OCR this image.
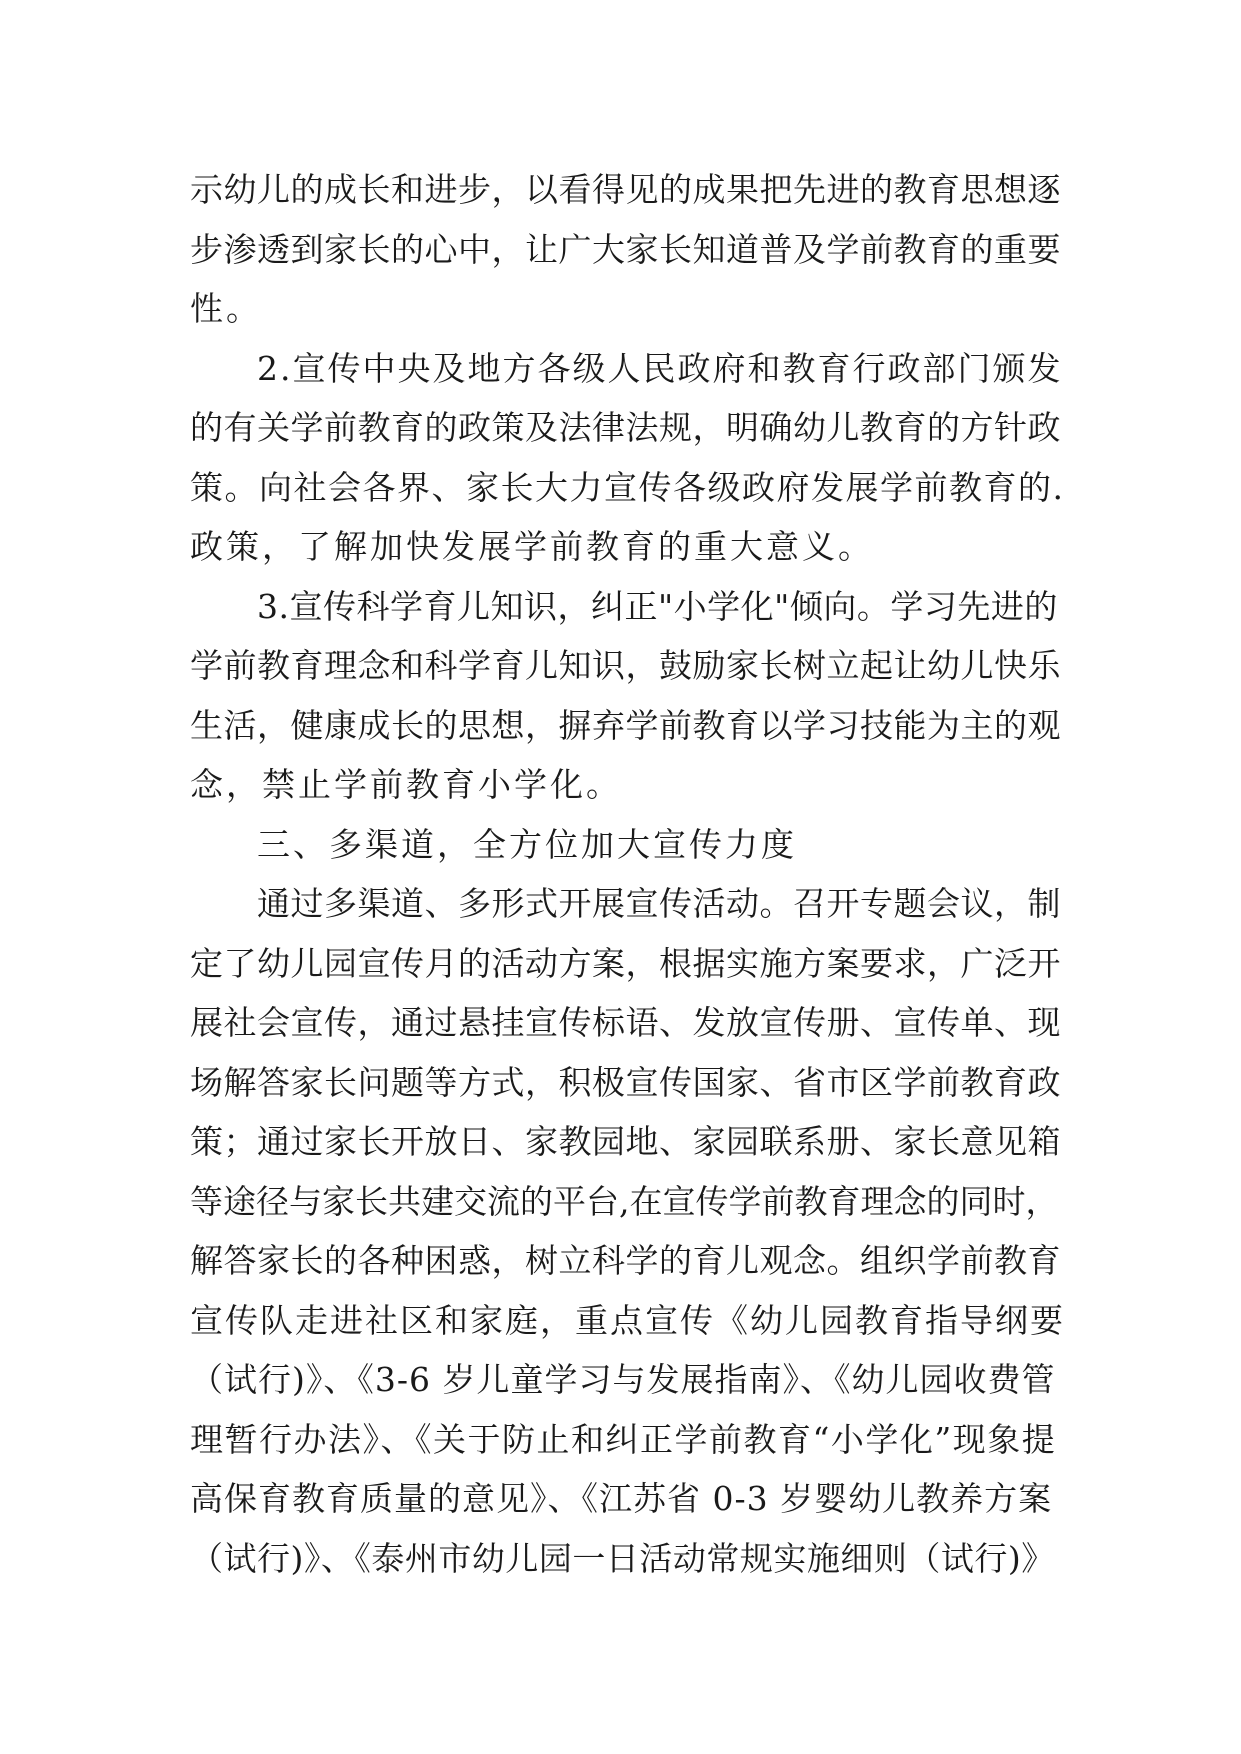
示幼儿的成长和进步，以看得见的成果把先进的教育思想逐
步渗透到家长的心中，让广大家长知道普及学前教育的重要
性。
2.宣传中央及地方各级人民政府和教育行政部门颁发
的有关学前教育的政策及法律法规，明确幼儿教育的方针政
策。向社会各界、家长大力宣传各级政府发展学前教育的.
政策，了解加快发展学前教育的重大意义。
3.宣传科学育儿知识，纠正"小学化"倾向。学习先进的
学前教育理念和科学育儿知识，鼓励家长树立起让幼儿快乐
生活，健康成长的思想，摒弃学前教育以学习技能为主的观
念，禁止学前教育小学化。
三、多渠道，全方位加大宣传力度
通过多渠道、多形式开展宣传活动。召开专题会议，制
定了幼儿园宣传月的活动方案，根据实施方案要求，广泛开
展社会宣传，通过悬挂宣传标语、发放宣传册、宣传单、现
场解答家长问题等方式，积极宣传国家、省市区学前教育政
策；通过家长开放日、家教园地、家园联系册、家长意见箱
等途径与家长共建交流的平台,在宣传学前教育理念的同时，
解答家长的各种困惑，树立科学的育儿观念。组织学前教育
宣传队走进社区和家庭，重点宣传《幼儿园教育指导纲要
（试行)》、《3-6 岁儿童学习与发展指南》、《幼儿园收费管
理暂行办法》、《关于防止和纠正学前教育“小学化”现象提
高保育教育质量的意见》、《江苏省 0-3 岁婴幼儿教养方案
（试行)》、《泰州市幼儿园一日活动常规实施细则（试行)》
